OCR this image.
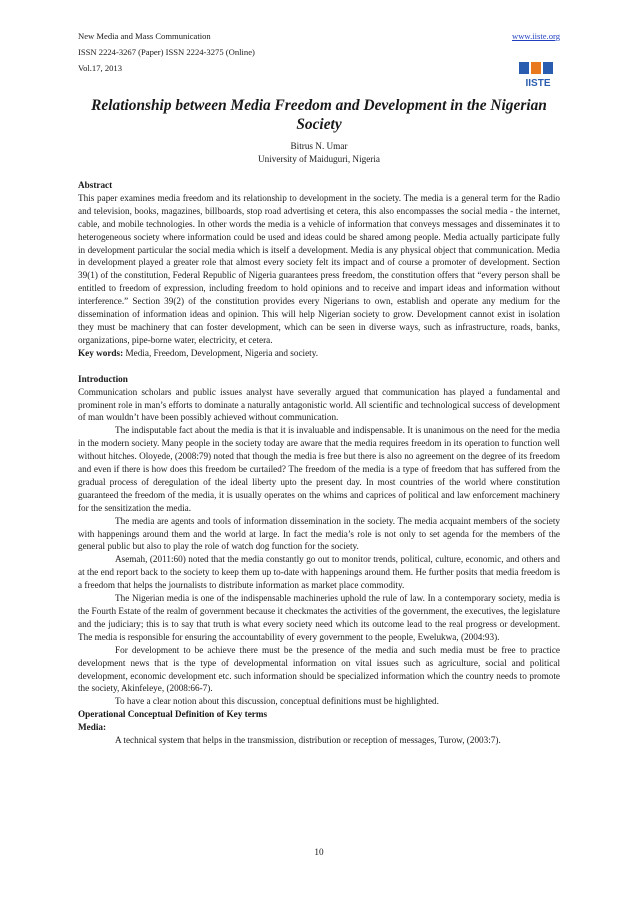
New Media and Mass Communication
ISSN 2224-3267 (Paper) ISSN 2224-3275 (Online)
Vol.17, 2013
www.iiste.org
IISTE
Relationship between Media Freedom and Development in the Nigerian Society
Bitrus N. Umar
University of Maiduguri, Nigeria

Abstract

This paper examines media freedom and its relationship to development in the society. The media is a general term for the Radio and television, books, magazines, billboards, stop road advertising et cetera, this also encompasses the social media - the internet, cable, and mobile technologies. In other words the media is a vehicle of information that conveys messages and disseminates it to heterogeneous society where information could be used and ideas could be shared among people. Media actually participate fully in development particular the social media which is itself a development. Media is any physical object that communication. Media in development played a greater role that almost every society felt its impact and of course a promoter of development. Section 39(1) of the constitution, Federal Republic of Nigeria guarantees press freedom, the constitution offers that “every person shall be entitled to freedom of expression, including freedom to hold opinions and to receive and impart ideas and information without interference.” Section 39(2) of the constitution provides every Nigerians to own, establish and operate any medium for the dissemination of information ideas and opinion. This will help Nigerian society to grow. Development cannot exist in isolation they must be machinery that can foster development, which can be seen in diverse ways, such as infrastructure, roads, banks, organizations, pipe-borne water, electricity, et cetera.

Key words: Media, Freedom, Development, Nigeria and society.

Introduction

Communication scholars and public issues analyst have severally argued that communication has played a fundamental and prominent role in man’s efforts to dominate a naturally antagonistic world. All scientific and technological success of development of man wouldn’t have been possibly achieved without communication.

The indisputable fact about the media is that it is invaluable and indispensable. It is unanimous on the need for the media in the modern society. Many people in the society today are aware that the media requires freedom in its operation to function well without hitches. Oloyede, (2008:79) noted that though the media is free but there is also no agreement on the degree of its freedom and even if there is how does this freedom be curtailed? The freedom of the media is a type of freedom that has suffered from the gradual process of deregulation of the ideal liberty upto the present day. In most countries of the world where constitution guaranteed the freedom of the media, it is usually operates on the whims and caprices of political and law enforcement machinery for the sensitization the media.

The media are agents and tools of information dissemination in the society. The media acquaint members of the society with happenings around them and the world at large. In fact the media’s role is not only to set agenda for the members of the general public but also to play the role of watch dog function for the society.

Asemah, (2011:60) noted that the media constantly go out to monitor trends, political, culture, economic, and others and at the end report back to the society to keep them up to-date with happenings around them. He further posits that media freedom is a freedom that helps the journalists to distribute information as market place commodity.

The Nigerian media is one of the indispensable machineries uphold the rule of law. In a contemporary society, media is the Fourth Estate of the realm of government because it checkmates the activities of the government, the executives, the legislature and the judiciary; this is to say that truth is what every society need which its outcome lead to the real progress or development. The media is responsible for ensuring the accountability of every government to the people, Ewelukwa, (2004:93).

For development to be achieve there must be the presence of the media and such media must be free to practice development news that is the type of developmental information on vital issues such as agriculture, social and political development, economic development etc. such information should be specialized information which the country needs to promote the society, Akinfeleye, (2008:66-7).

To have a clear notion about this discussion, conceptual definitions must be highlighted.

Operational Conceptual Definition of Key terms

Media:

A technical system that helps in the transmission, distribution or reception of messages, Turow, (2003:7).

10
